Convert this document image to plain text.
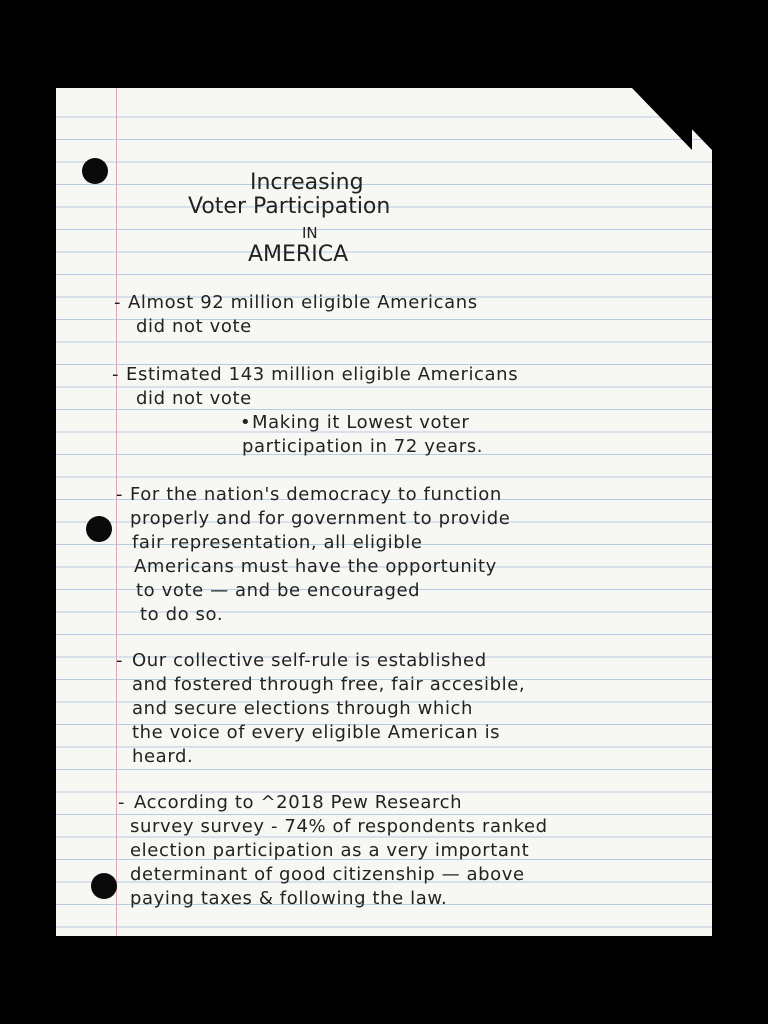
Increasing
Voter Participation
IN
AMERICA
- Almost 92 million eligible Americans
did not vote
- Estimated 143 million eligible Americans
did not vote
• Making it Lowest voter
participation in 72 years.
- For the nation's democracy to function
properly and for government to provide
fair representation, all eligible
Americans must have the opportunity
to vote — and be encouraged
to do so.
- Our collective self-rule is established
and fostered through free, fair accesible,
and secure elections through which
the voice of every eligible American is
heard.
- According to ^2018 Pew Research
survey survey - 74% of respondents ranked
election participation as a very important
determinant of good citizenship — above
paying taxes & following the law.
